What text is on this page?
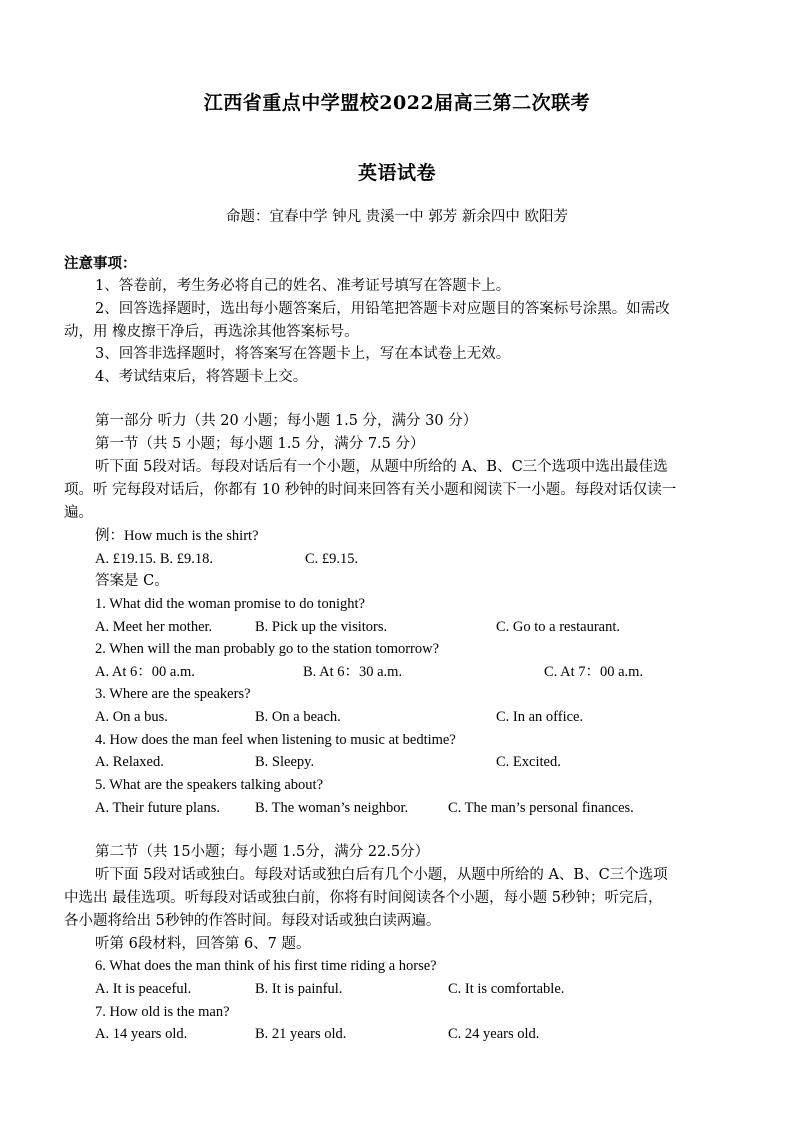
江西省重点中学盟校2022届高三第二次联考
英语试卷
命题：宜春中学 钟凡 贵溪一中 郭芳 新余四中 欧阳芳
注意事项：
1、答卷前，考生务必将自己的姓名、准考证号填写在答题卡上。
2、回答选择题时，选出每小题答案后，用铅笔把答题卡对应题目的答案标号涂黑。如需改
动，用 橡皮擦干净后，再选涂其他答案标号。
3、回答非选择题时，将答案写在答题卡上，写在本试卷上无效。
4、考试结束后，将答题卡上交。
第一部分 听力（共 20 小题；每小题 1.5 分，满分 30 分）
第一节（共 5 小题；每小题 1.5 分，满分 7.5 分）
听下面 5段对话。每段对话后有一个小题，从题中所给的 A、B、C三个选项中选出最佳选
项。听 完每段对话后，你都有 10 秒钟的时间来回答有关小题和阅读下一小题。每段对话仅读一
遍。
例：How much is the shirt?
A. £19.15. B. £9.18.	C. £9.15.
答案是 C。
1. What did the woman promise to do tonight?
A. Meet her mother.	B. Pick up the visitors.	C. Go to a restaurant.
2. When will the man probably go to the station tomorrow?
A. At 6：00 a.m.	B. At 6：30 a.m.	C. At 7：00 a.m.
3. Where are the speakers?
A. On a bus.	B. On a beach.	C. In an office.
4. How does the man feel when listening to music at bedtime?
A. Relaxed.	B. Sleepy.	C. Excited.
5. What are the speakers talking about?
A. Their future plans. B. The woman’s neighbor.	C. The man’s personal finances.
第二节（共 15小题；每小题 1.5分，满分 22.5分）
听下面 5段对话或独白。每段对话或独白后有几个小题，从题中所给的 A、B、C三个选项
中选出 最佳选项。听每段对话或独白前，你将有时间阅读各个小题，每小题 5秒钟；听完后，
各小题将给出 5秒钟的作答时间。每段对话或独白读两遍。
听第 6段材料，回答第 6、7 题。
6. What does the man think of his first time riding a horse?
A. It is peaceful.	B. It is painful.	C. It is comfortable.
7. How old is the man?
A. 14 years old.	B. 21 years old.	C. 24 years old.
